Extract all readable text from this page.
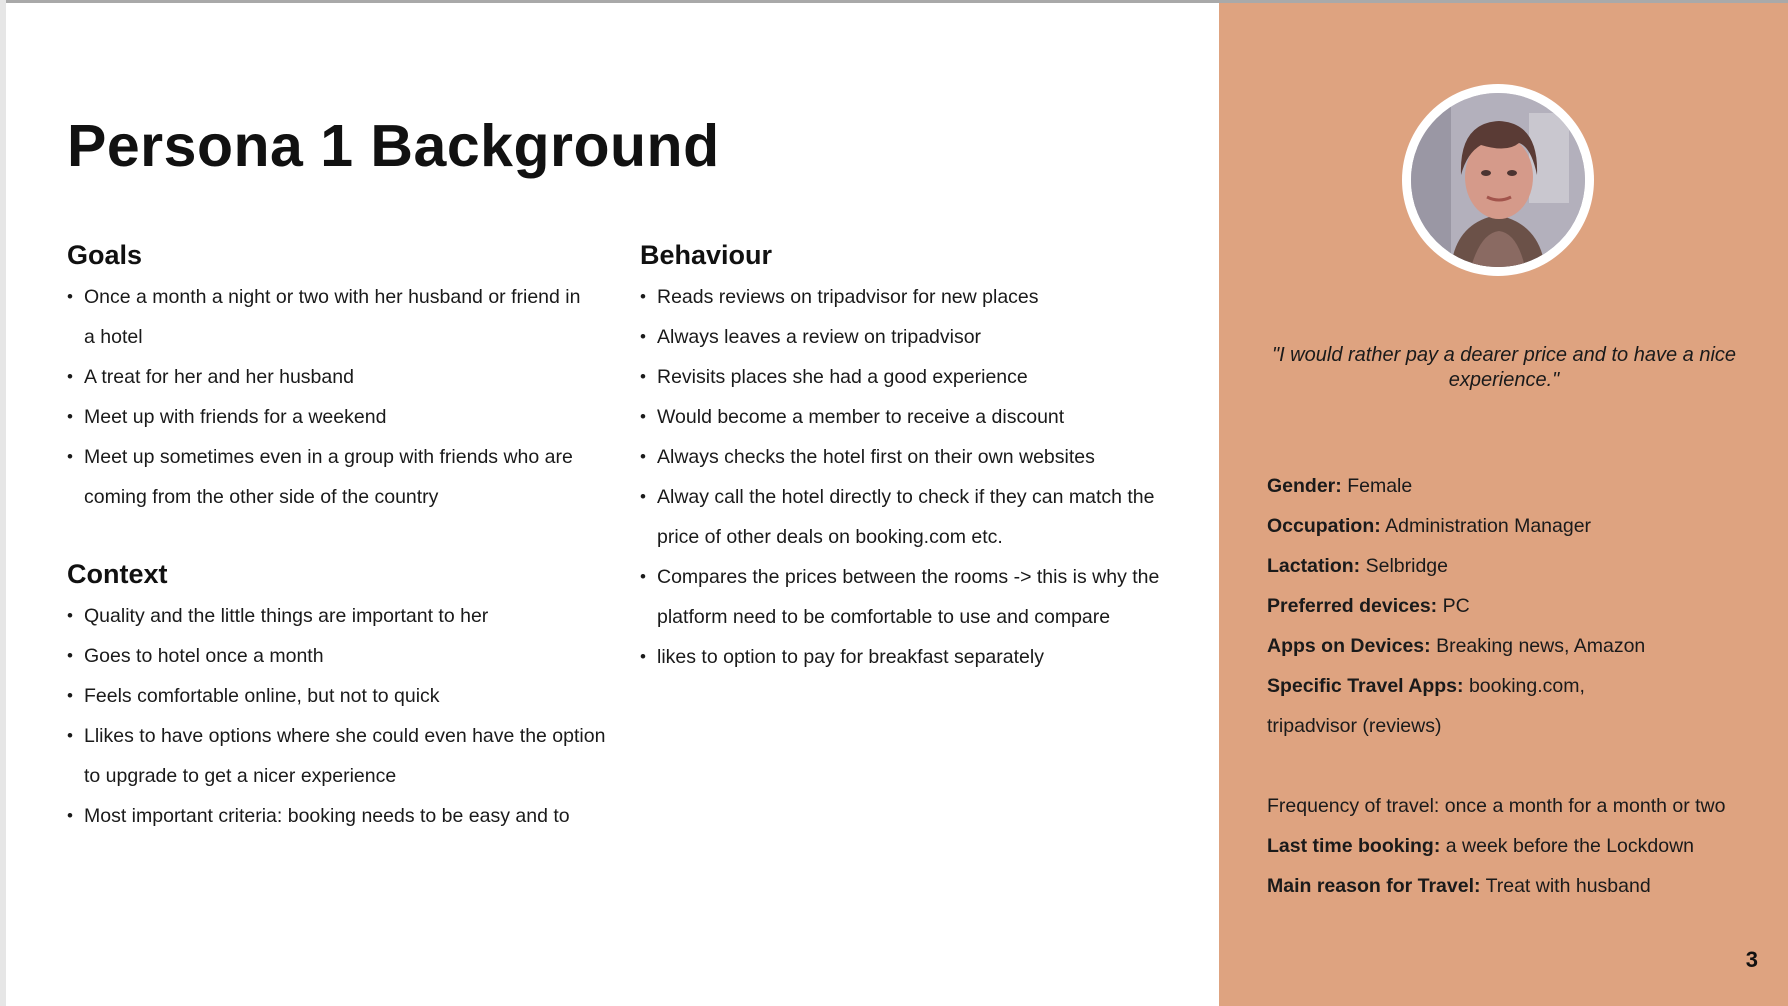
Persona 1 Background
Goals
• Once a month a night or two with her husband or friend in a hotel
• A treat for her and her husband
• Meet up with friends for a weekend
• Meet up sometimes even in a group with friends who are coming from the other side of the country
Context
• Quality and the little things are important to her
• Goes to hotel once a month
• Feels comfortable online, but not to quick
• Llikes to have options where she could even have the option to upgrade to get a nicer experience
• Most important criteria: booking needs to be easy and to
Behaviour
• Reads reviews on tripadvisor for new places
• Always leaves a review on tripadvisor
• Revisits places she had a good experience
• Would become a member to receive a discount
• Always checks the hotel first on their own websites
• Alway call the hotel directly to check if they can match the price of other deals on booking.com etc.
• Compares the prices between the rooms -> this is why the platform need to be comfortable to use and compare
• likes to option to pay for breakfast separately
"I would rather pay a dearer price and to have a nice experience."
Gender: Female
Occupation: Administration Manager
Lactation: Selbridge
Preferred devices: PC
Apps on Devices: Breaking news, Amazon
Specific Travel Apps: booking.com, tripadvisor (reviews)
Frequency of travel: once a month for a month or two
Last time booking: a week before the Lockdown
Main reason for Travel: Treat with husband
3
